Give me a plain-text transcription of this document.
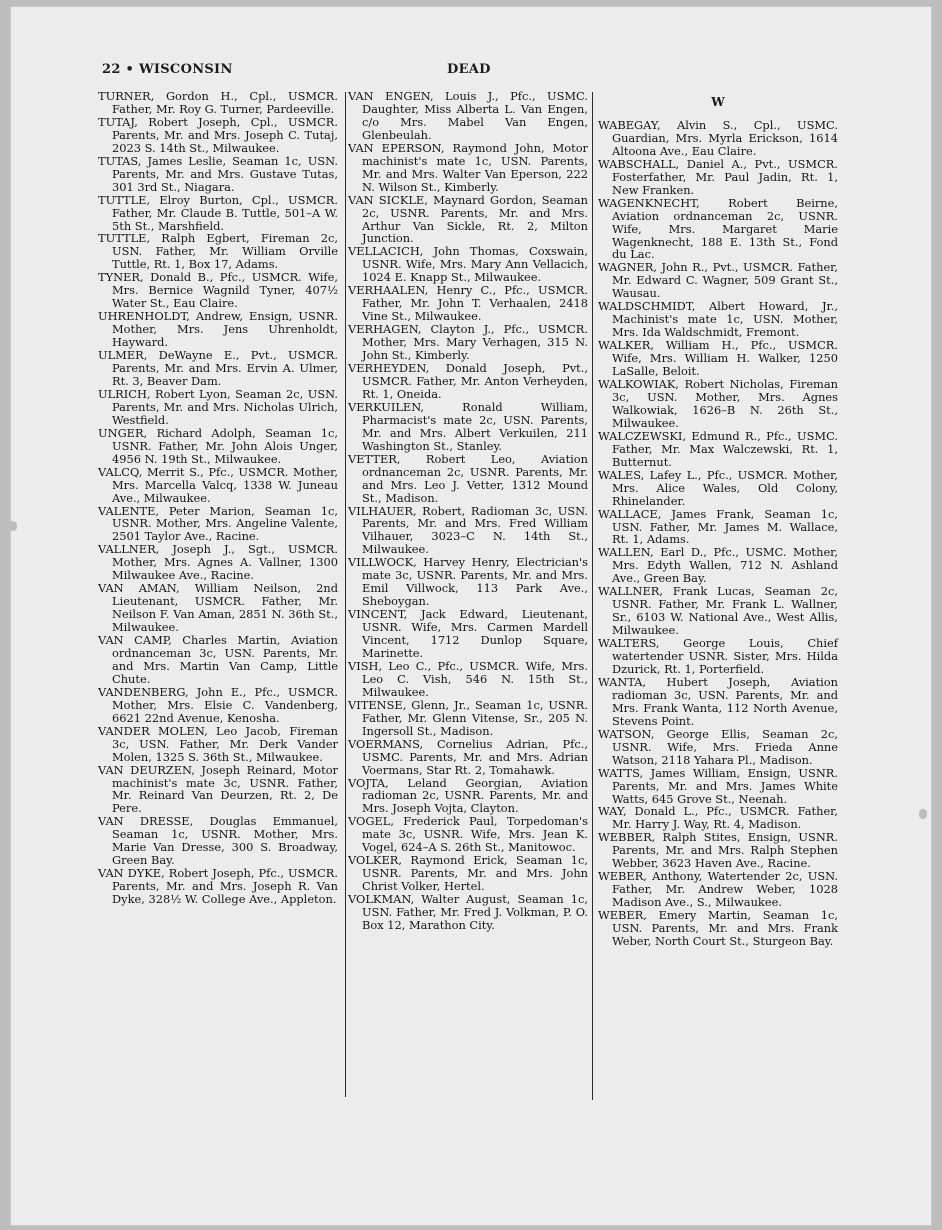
22 • WISCONSIN	DEAD
TURNER, Gordon H., Cpl., USMCR. Father, Mr. Roy G. Turner, Pardeeville.
TUTAJ, Robert Joseph, Cpl., USMCR. Parents, Mr. and Mrs. Joseph C. Tutaj, 2023 S. 14th St., Milwaukee.
TUTAS, James Leslie, Seaman 1c, USN. Parents, Mr. and Mrs. Gustave Tutas, 301 3rd St., Niagara.
TUTTLE, Elroy Burton, Cpl., USMCR. Father, Mr. Claude B. Tuttle, 501–A W. 5th St., Marshfield.
TUTTLE, Ralph Egbert, Fireman 2c, USN. Father, Mr. William Orville Tuttle, Rt. 1, Box 17, Adams.
TYNER, Donald B., Pfc., USMCR. Wife, Mrs. Bernice Wagnild Tyner, 407½ Water St., Eau Claire.
UHRENHOLDT, Andrew, Ensign, USNR. Mother, Mrs. Jens Uhrenholdt, Hayward.
ULMER, DeWayne E., Pvt., USMCR. Parents, Mr. and Mrs. Ervin A. Ulmer, Rt. 3, Beaver Dam.
ULRICH, Robert Lyon, Seaman 2c, USN. Parents, Mr. and Mrs. Nicholas Ulrich, Westfield.
UNGER, Richard Adolph, Seaman 1c, USNR. Father, Mr. John Alois Unger, 4956 N. 19th St., Milwaukee.
VALCQ, Merrit S., Pfc., USMCR. Mother, Mrs. Marcella Valcq, 1338 W. Juneau Ave., Milwaukee.
VALENTE, Peter Marion, Seaman 1c, USNR. Mother, Mrs. Angeline Valente, 2501 Taylor Ave., Racine.
VALLNER, Joseph J., Sgt., USMCR. Mother, Mrs. Agnes A. Vallner, 1300 Milwaukee Ave., Racine.
VAN AMAN, William Neilson, 2nd Lieutenant, USMCR. Father, Mr. Neilson F. Van Aman, 2851 N. 36th St., Milwaukee.
VAN CAMP, Charles Martin, Aviation ordnanceman 3c, USN. Parents, Mr. and Mrs. Martin Van Camp, Little Chute.
VANDENBERG, John E., Pfc., USMCR. Mother, Mrs. Elsie C. Vandenberg, 6621 22nd Avenue, Kenosha.
VANDER MOLEN, Leo Jacob, Fireman 3c, USN. Father, Mr. Derk Vander Molen, 1325 S. 36th St., Milwaukee.
VAN DEURZEN, Joseph Reinard, Motor machinist's mate 3c, USNR. Father, Mr. Reinard Van Deurzen, Rt. 2, De Pere.
VAN DRESSE, Douglas Emmanuel, Seaman 1c, USNR. Mother, Mrs. Marie Van Dresse, 300 S. Broadway, Green Bay.
VAN DYKE, Robert Joseph, Pfc., USMCR. Parents, Mr. and Mrs. Joseph R. Van Dyke, 328½ W. College Ave., Appleton.
VAN ENGEN, Louis J., Pfc., USMC. Daughter, Miss Alberta L. Van Engen, c/o Mrs. Mabel Van Engen, Glenbeulah.
VAN EPERSON, Raymond John, Motor machinist's mate 1c, USN. Parents, Mr. and Mrs. Walter Van Eperson, 222 N. Wilson St., Kimberly.
VAN SICKLE, Maynard Gordon, Seaman 2c, USNR. Parents, Mr. and Mrs. Arthur Van Sickle, Rt. 2, Milton Junction.
VELLACICH, John Thomas, Coxswain, USNR. Wife, Mrs. Mary Ann Vellacich, 1024 E. Knapp St., Milwaukee.
VERHAALEN, Henry C., Pfc., USMCR. Father, Mr. John T. Verhaalen, 2418 Vine St., Milwaukee.
VERHAGEN, Clayton J., Pfc., USMCR. Mother, Mrs. Mary Verhagen, 315 N. John St., Kimberly.
VERHEYDEN, Donald Joseph, Pvt., USMCR. Father, Mr. Anton Verheyden, Rt. 1, Oneida.
VERKUILEN, Ronald William, Pharmacist's mate 2c, USN. Parents, Mr. and Mrs. Albert Verkuilen, 211 Washington St., Stanley.
VETTER, Robert Leo, Aviation ordnanceman 2c, USNR. Parents, Mr. and Mrs. Leo J. Vetter, 1312 Mound St., Madison.
VILHAUER, Robert, Radioman 3c, USN. Parents, Mr. and Mrs. Fred William Vilhauer, 3023–C N. 14th St., Milwaukee.
VILLWOCK, Harvey Henry, Electrician's mate 3c, USNR. Parents, Mr. and Mrs. Emil Villwock, 113 Park Ave., Sheboygan.
VINCENT, Jack Edward, Lieutenant, USNR. Wife, Mrs. Carmen Mardell Vincent, 1712 Dunlop Square, Marinette.
VISH, Leo C., Pfc., USMCR. Wife, Mrs. Leo C. Vish, 546 N. 15th St., Milwaukee.
VITENSE, Glenn, Jr., Seaman 1c, USNR. Father, Mr. Glenn Vitense, Sr., 205 N. Ingersoll St., Madison.
VOERMANS, Cornelius Adrian, Pfc., USMC. Parents, Mr. and Mrs. Adrian Voermans, Star Rt. 2, Tomahawk.
VOJTA, Leland Georgian, Aviation radioman 2c, USNR. Parents, Mr. and Mrs. Joseph Vojta, Clayton.
VOGEL, Frederick Paul, Torpedoman's mate 3c, USNR. Wife, Mrs. Jean K. Vogel, 624–A S. 26th St., Manitowoc.
VOLKER, Raymond Erick, Seaman 1c, USNR. Parents, Mr. and Mrs. John Christ Volker, Hertel.
VOLKMAN, Walter August, Seaman 1c, USN. Father, Mr. Fred J. Volkman, P. O. Box 12, Marathon City.
W
WABEGAY, Alvin S., Cpl., USMC. Guardian, Mrs. Myrla Erickson, 1614 Altoona Ave., Eau Claire.
WABSCHALL, Daniel A., Pvt., USMCR. Fosterfather, Mr. Paul Jadin, Rt. 1, New Franken.
WAGENKNECHT, Robert Beirne, Aviation ordnanceman 2c, USNR. Wife, Mrs. Margaret Marie Wagenknecht, 188 E. 13th St., Fond du Lac.
WAGNER, John R., Pvt., USMCR. Father, Mr. Edward C. Wagner, 509 Grant St., Wausau.
WALDSCHMIDT, Albert Howard, Jr., Machinist's mate 1c, USN. Mother, Mrs. Ida Waldschmidt, Fremont.
WALKER, William H., Pfc., USMCR. Wife, Mrs. William H. Walker, 1250 LaSalle, Beloit.
WALKOWIAK, Robert Nicholas, Fireman 3c, USN. Mother, Mrs. Agnes Walkowiak, 1626–B N. 26th St., Milwaukee.
WALCZEWSKI, Edmund R., Pfc., USMC. Father, Mr. Max Walczewski, Rt. 1, Butternut.
WALES, Lafey L., Pfc., USMCR. Mother, Mrs. Alice Wales, Old Colony, Rhinelander.
WALLACE, James Frank, Seaman 1c, USN. Father, Mr. James M. Wallace, Rt. 1, Adams.
WALLEN, Earl D., Pfc., USMC. Mother, Mrs. Edyth Wallen, 712 N. Ashland Ave., Green Bay.
WALLNER, Frank Lucas, Seaman 2c, USNR. Father, Mr. Frank L. Wallner, Sr., 6103 W. National Ave., West Allis, Milwaukee.
WALTERS, George Louis, Chief watertender USNR. Sister, Mrs. Hilda Dzurick, Rt. 1, Porterfield.
WANTA, Hubert Joseph, Aviation radioman 3c, USN. Parents, Mr. and Mrs. Frank Wanta, 112 North Avenue, Stevens Point.
WATSON, George Ellis, Seaman 2c, USNR. Wife, Mrs. Frieda Anne Watson, 2118 Yahara Pl., Madison.
WATTS, James William, Ensign, USNR. Parents, Mr. and Mrs. James White Watts, 645 Grove St., Neenah.
WAY, Donald L., Pfc., USMCR. Father, Mr. Harry J. Way, Rt. 4, Madison.
WEBBER, Ralph Stites, Ensign, USNR. Parents, Mr. and Mrs. Ralph Stephen Webber, 3623 Haven Ave., Racine.
WEBER, Anthony, Watertender 2c, USN. Father, Mr. Andrew Weber, 1028 Madison Ave., S., Milwaukee.
WEBER, Emery Martin, Seaman 1c, USN. Parents, Mr. and Mrs. Frank Weber, North Court St., Sturgeon Bay.
